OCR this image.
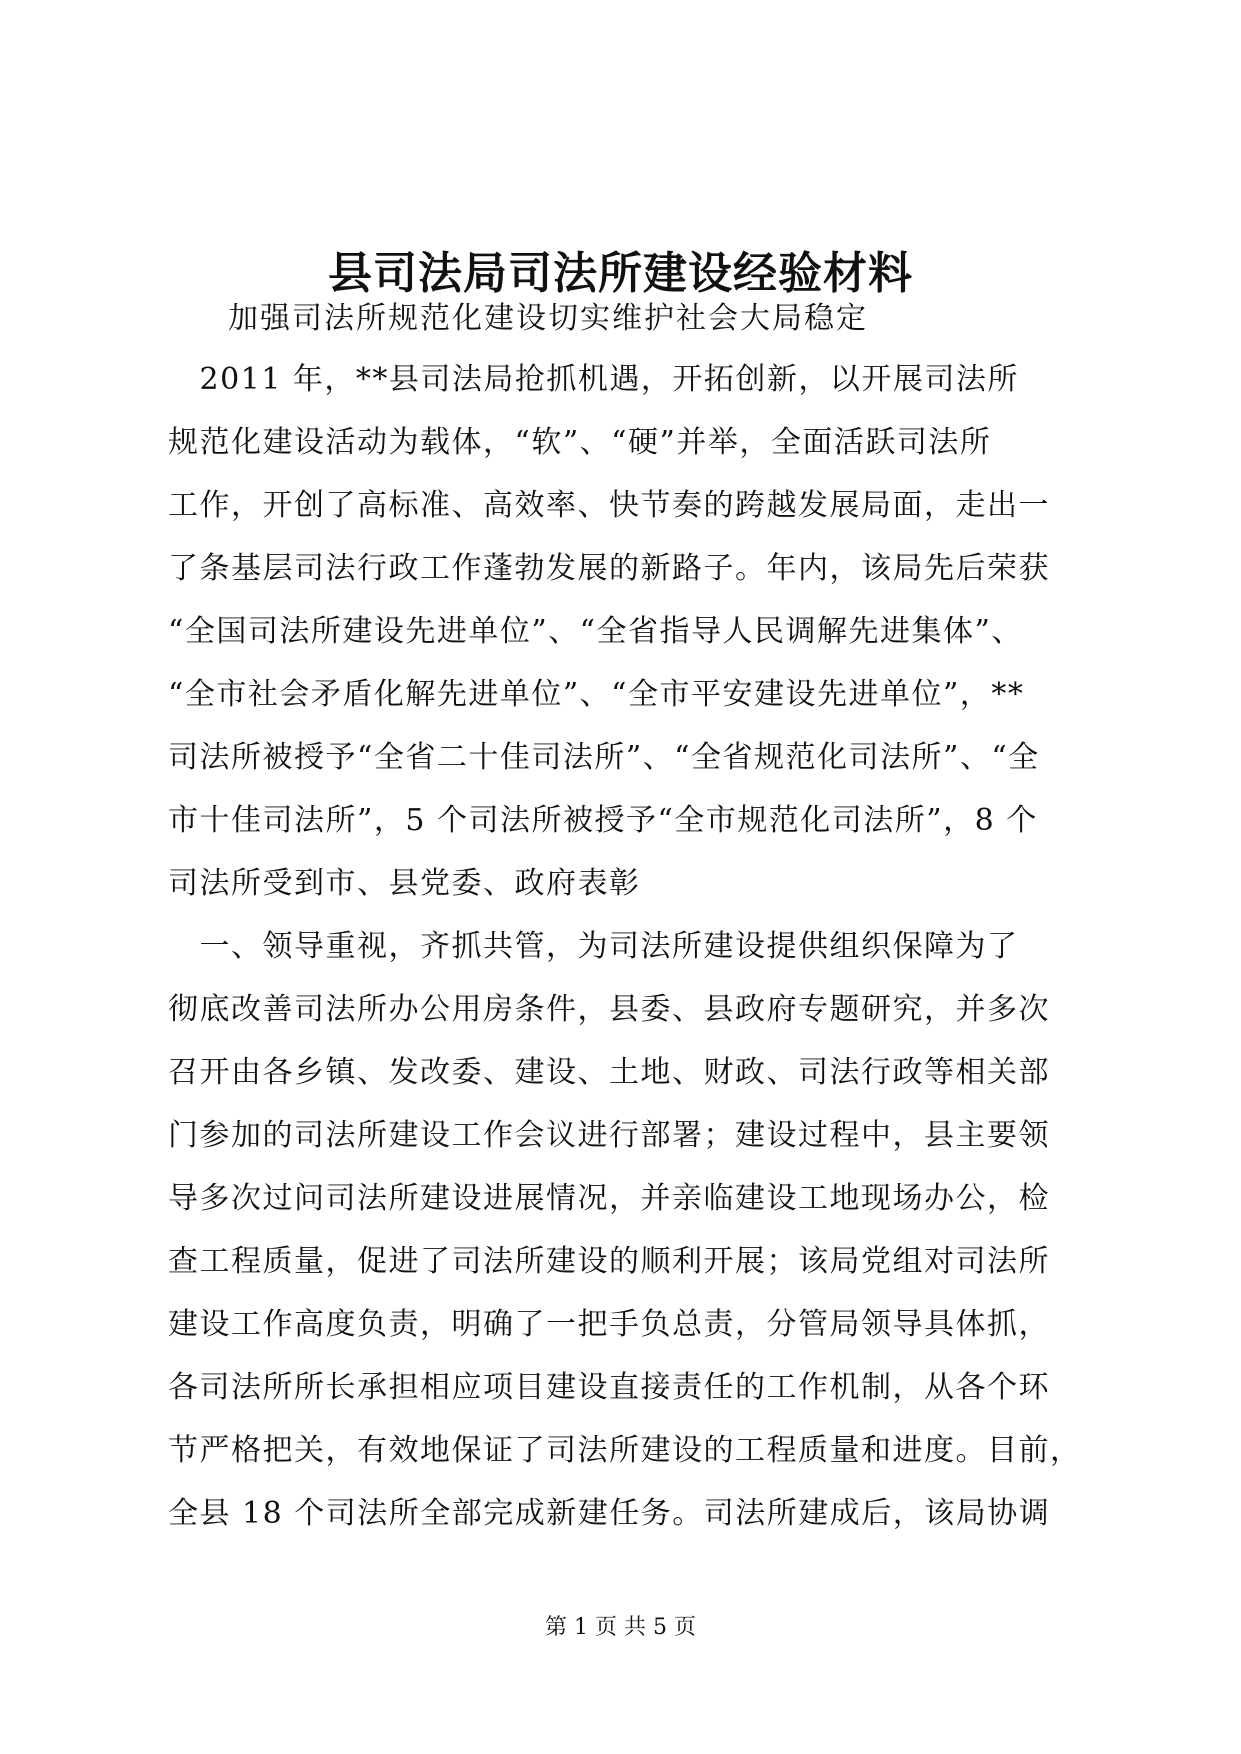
县司法局司法所建设经验材料
加强司法所规范化建设切实维护社会大局稳定
　2011 年，**县司法局抢抓机遇，开拓创新，以开展司法所
规范化建设活动为载体，“软”、“硬”并举，全面活跃司法所
工作，开创了高标准、高效率、快节奏的跨越发展局面，走出一
了条基层司法行政工作蓬勃发展的新路子。年内，该局先后荣获
“全国司法所建设先进单位”、“全省指导人民调解先进集体”、
“全市社会矛盾化解先进单位”、“全市平安建设先进单位”，**
司法所被授予“全省二十佳司法所”、“全省规范化司法所”、“全
市十佳司法所”，5 个司法所被授予“全市规范化司法所”，8 个
司法所受到市、县党委、政府表彰
　一、领导重视，齐抓共管，为司法所建设提供组织保障为了
彻底改善司法所办公用房条件，县委、县政府专题研究，并多次
召开由各乡镇、发改委、建设、土地、财政、司法行政等相关部
门参加的司法所建设工作会议进行部署；建设过程中，县主要领
导多次过问司法所建设进展情况，并亲临建设工地现场办公，检
查工程质量，促进了司法所建设的顺利开展；该局党组对司法所
建设工作高度负责，明确了一把手负总责，分管局领导具体抓，
各司法所所长承担相应项目建设直接责任的工作机制，从各个环
节严格把关，有效地保证了司法所建设的工程质量和进度。目前，
全县 18 个司法所全部完成新建任务。司法所建成后，该局协调
第 1 页 共 5 页
